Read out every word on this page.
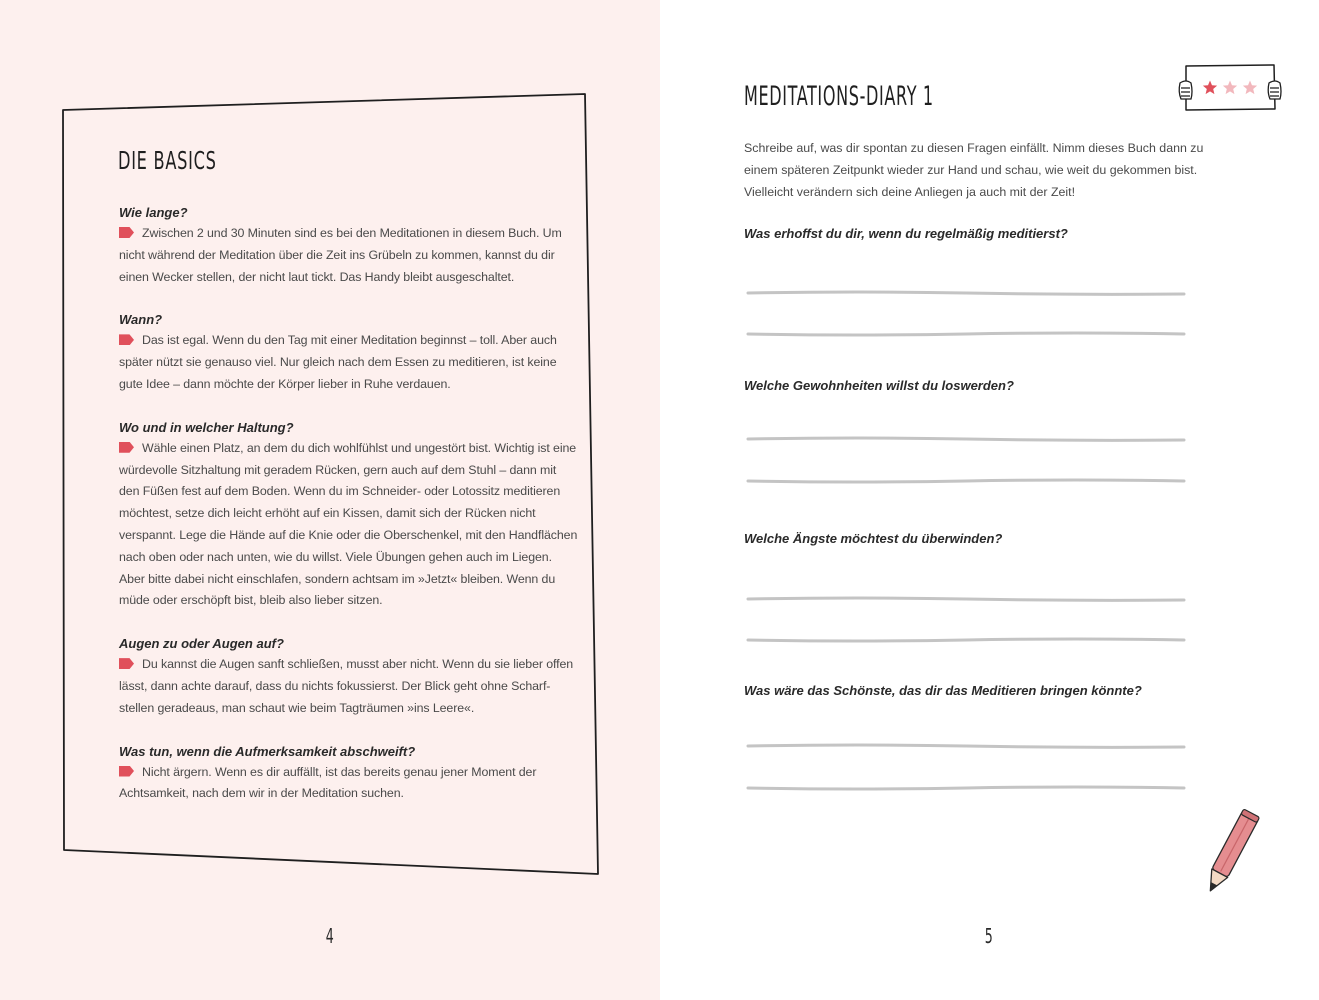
DIE BASICS

Wie lange?

Zwischen 2 und 30 Minuten sind es bei den Meditationen in diesem Buch. Um nicht während der Meditation über die Zeit ins Grübeln zu kommen, kannst du dir einen Wecker stellen, der nicht laut tickt. Das Handy bleibt ausgeschaltet.

Wann?

Das ist egal. Wenn du den Tag mit einer Meditation beginnst – toll. Aber auch später nützt sie genauso viel. Nur gleich nach dem Essen zu meditieren, ist keine gute Idee – dann möchte der Körper lieber in Ruhe verdauen.

Wo und in welcher Haltung?

Wähle einen Platz, an dem du dich wohlfühlst und ungestört bist. Wichtig ist eine würdevolle Sitzhaltung mit geradem Rücken, gern auch auf dem Stuhl – dann mit den Füßen fest auf dem Boden. Wenn du im Schneider- oder Lotossitz meditieren möchtest, setze dich leicht erhöht auf ein Kissen, damit sich der Rücken nicht verspannt. Lege die Hände auf die Knie oder die Oberschenkel, mit den Handflächen nach oben oder nach unten, wie du willst. Viele Übungen gehen auch im Liegen. Aber bitte dabei nicht einschlafen, sondern achtsam im »Jetzt« bleiben. Wenn du müde oder erschöpft bist, bleib also lieber sitzen.

Augen zu oder Augen auf?

Du kannst die Augen sanft schließen, musst aber nicht. Wenn du sie lieber offen lässt, dann achte darauf, dass du nichts fokussierst. Der Blick geht ohne Scharfstellen geradeaus, man schaut wie beim Tagträumen »ins Leere«.

Was tun, wenn die Aufmerksamkeit abschweift?

Nicht ärgern. Wenn es dir auffällt, ist das bereits genau jener Moment der Achtsamkeit, nach dem wir in der Meditation suchen.

4
MEDITATIONS-DIARY 1

Schreibe auf, was dir spontan zu diesen Fragen einfällt. Nimm dieses Buch dann zu einem späteren Zeitpunkt wieder zur Hand und schau, wie weit du gekommen bist. Vielleicht verändern sich deine Anliegen ja auch mit der Zeit!

Was erhoffst du dir, wenn du regelmäßig meditierst?

Welche Gewohnheiten willst du loswerden?

Welche Ängste möchtest du überwinden?

Was wäre das Schönste, das dir das Meditieren bringen könnte?

5
